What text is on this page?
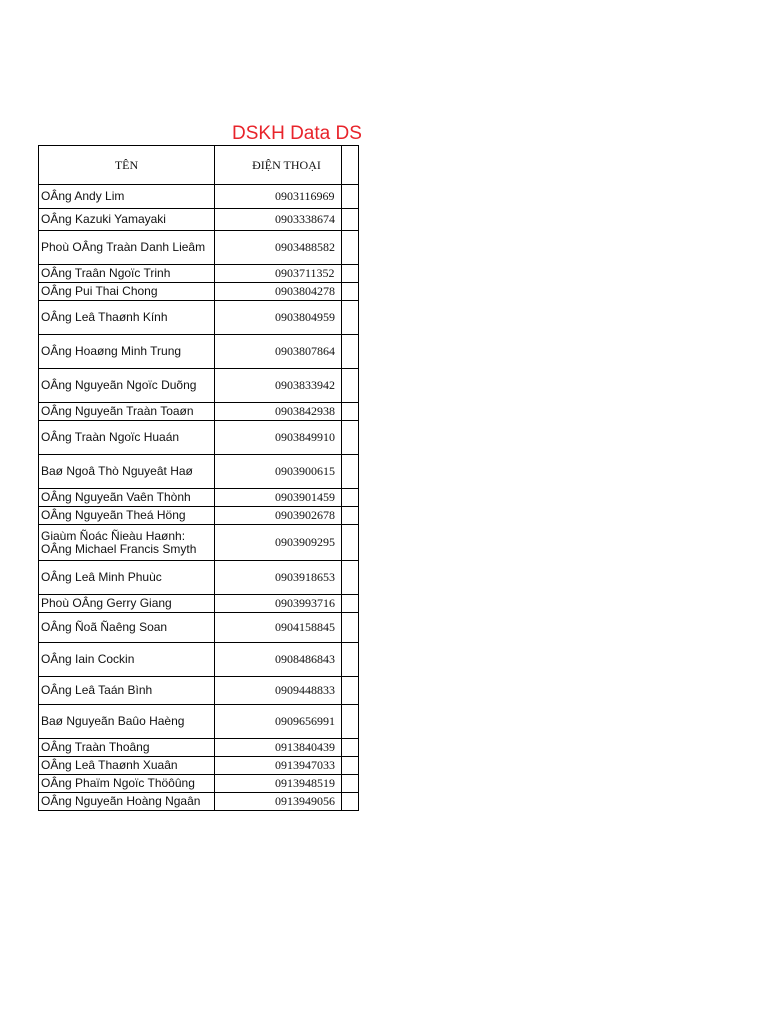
DSKH Data DS
TÊN	ĐIỆN THOẠI
OÂng Andy Lim	0903116969
OÂng Kazuki Yamayaki	0903338674
Phoù OÂng Traàn Danh Lieâm	0903488582
OÂng Traân Ngoïc Trinh	0903711352
OÂng Pui Thai Chong	0903804278
OÂng Leâ Thaønh Kính	0903804959
OÂng Hoaøng Minh Trung	0903807864
OÂng Nguyeãn Ngoïc Duõng	0903833942
OÂng Nguyeãn Traàn Toaøn	0903842938
OÂng Traàn Ngoïc Huaán	0903849910
Baø Ngoâ Thò Nguyeât Haø	0903900615
OÂng Nguyeãn Vaên Thònh	0903901459
OÂng Nguyeãn Theá Höng	0903902678
Giaùm Ñoác Ñieàu Haønh: OÂng Michael Francis Smyth	0903909295
OÂng Leâ Minh Phuùc	0903918653
Phoù OÂng Gerry Giang	0903993716
OÂng Ñoã Ñaêng Soan	0904158845
OÂng Iain Cockin	0908486843
OÂng Leâ Taán Bình	0909448833
Baø Nguyeãn Baûo Haèng	0909656991
OÂng Traàn Thoâng	0913840439
OÂng Leâ Thaønh Xuaân	0913947033
OÂng Phaïm Ngoïc Thöôûng	0913948519
OÂng Nguyeãn Hoàng Ngaân	0913949056
